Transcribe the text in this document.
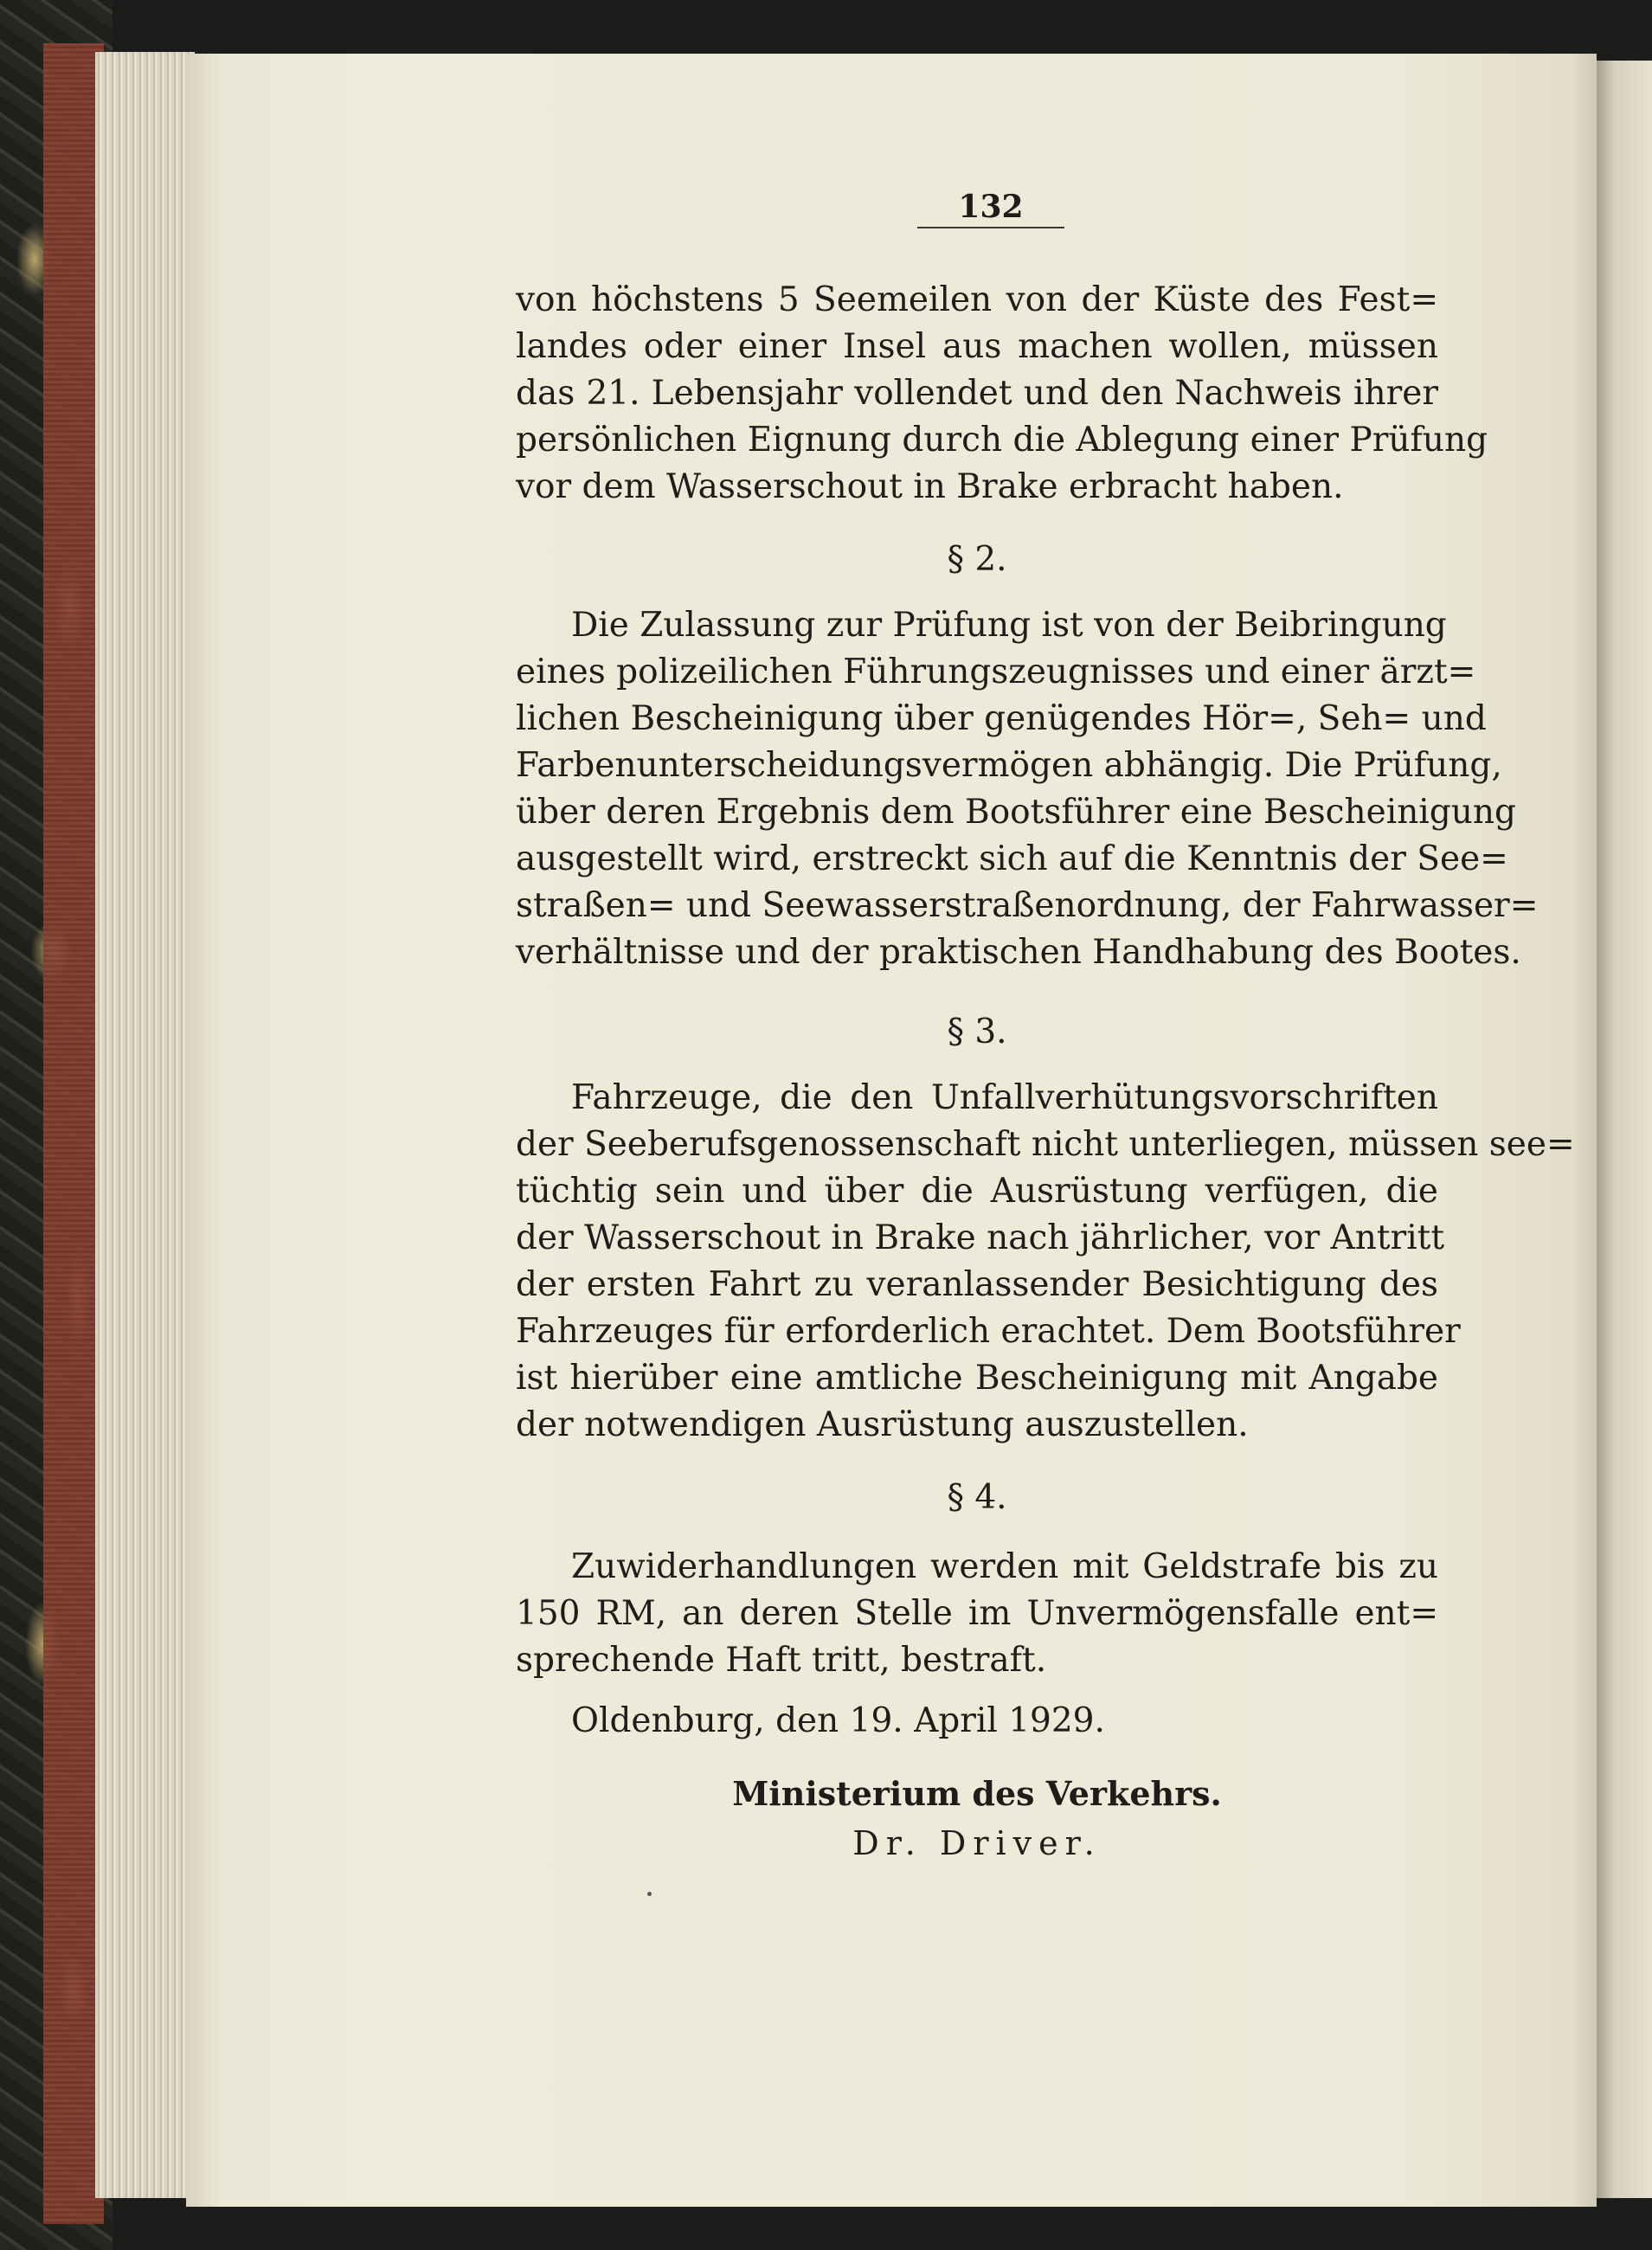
132
von höchstens 5 Seemeilen von der Küste des Fest=
landes oder einer Insel aus machen wollen, müssen
das 21. Lebensjahr vollendet und den Nachweis ihrer
persönlichen Eignung durch die Ablegung einer Prüfung
vor dem Wasserschout in Brake erbracht haben.
§ 2.
Die Zulassung zur Prüfung ist von der Beibringung
eines polizeilichen Führungszeugnisses und einer ärzt=
lichen Bescheinigung über genügendes Hör=, Seh= und
Farbenunterscheidungsvermögen abhängig. Die Prüfung,
über deren Ergebnis dem Bootsführer eine Bescheinigung
ausgestellt wird, erstreckt sich auf die Kenntnis der See=
straßen= und Seewasserstraßenordnung, der Fahrwasser=
verhältnisse und der praktischen Handhabung des Bootes.
§ 3.
Fahrzeuge, die den Unfallverhütungsvorschriften
der Seeberufsgenossenschaft nicht unterliegen, müssen see=
tüchtig sein und über die Ausrüstung verfügen, die
der Wasserschout in Brake nach jährlicher, vor Antritt
der ersten Fahrt zu veranlassender Besichtigung des
Fahrzeuges für erforderlich erachtet. Dem Bootsführer
ist hierüber eine amtliche Bescheinigung mit Angabe
der notwendigen Ausrüstung auszustellen.
§ 4.
Zuwiderhandlungen werden mit Geldstrafe bis zu
150 RM, an deren Stelle im Unvermögensfalle ent=
sprechende Haft tritt, bestraft.
Oldenburg, den 19. April 1929.
Ministerium des Verkehrs.
Dr. Driver.
